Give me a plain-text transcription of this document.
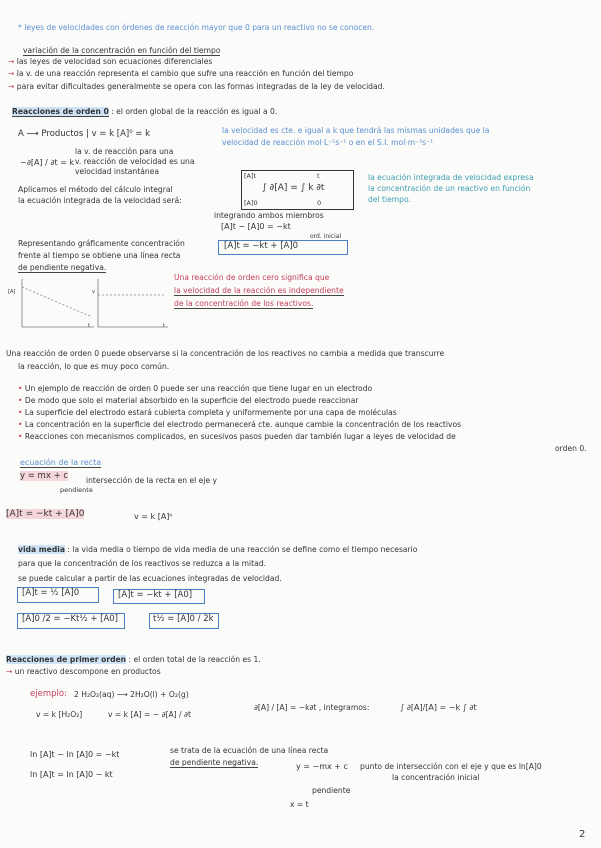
* leyes de velocidades con órdenes de reacción mayor que 0 para un reactivo no se conocen.
variación de la concentración en función del tiempo
→ las leyes de velocidad son ecuaciones diferenciales
→ la v. de una reacción representa el cambio que sufre una reacción en función del tiempo
→ para evitar dificultades generalmente se opera con las formas integradas de la ley de velocidad.
Reacciones de orden 0 : el orden global de la reacción es igual a 0.
A ⟶ Productos | v = k [A]⁰ = k	la velocidad es cte. e igual a k que tendrá las mismas unidades que la
velocidad de reacción mol·L⁻¹s⁻¹ o en el S.I. mol·m⁻³s⁻¹
−∂[A] / ∂t = k
la v. de reacción para una
v. reacción de velocidad es una
velocidad instantánea
Aplicamos el método del cálculo integral
la ecuación integrada de la velocidad será:
[A]t
∫ ∂[A] = ∫ k ∂t
[A]0
t
0
la ecuación integrada de velocidad expresa
la concentración de un reactivo en función
del tiempo.
integrando ambos miembros
[A]t − [A]0 = −kt
[A]t = −kt + [A]0
ord. inicial
Representando gráficamente concentración
frente al tiempo se obtiene una línea recta
de pendiente negativa.
[A]
t
v
t
Una reacción de orden cero significa que
la velocidad de la reacción es independiente
de la concentración de los reactivos.
Una reacción de orden 0 puede observarse si la concentración de los reactivos no cambia a medida que transcurre
la reacción, lo que es muy poco común.
• Un ejemplo de reacción de orden 0 puede ser una reacción que tiene lugar en un electrodo
• De modo que solo el material absorbido en la superficie del electrodo puede reaccionar
• La superficie del electrodo estará cubierta completa y uniformemente por una capa de moléculas
• La concentración en la superficie del electrodo permanecerá cte. aunque cambie la concentración de los reactivos
• Reacciones con mecanismos complicados, en sucesivos pasos pueden dar también lugar a leyes de velocidad de
orden 0.
ecuación de la recta
y = mx + c intersección de la recta en el eje y
pendiente
[A]t = −kt + [A]0	v = k [A]ⁿ
vida media : la vida media o tiempo de vida media de una reacción se define como el tiempo necesario
para que la concentración de los reactivos se reduzca a la mitad.
se puede calcular a partir de las ecuaciones integradas de velocidad.
[A]t = ½ [A]0	[A]t = −kt + [A0]
[A]0 /2 = −Kt½ + [A0]	t½ = [A]0 / 2k
Reacciones de primer orden : el orden total de la reacción es 1.
→ un reactivo descompone en productos
ejemplo: 2 H₂O₂(aq) ⟶ 2H₂O(l) + O₂(g)
v = k [H₂O₂]	v = k [A] = − ∂[A] / ∂t
∂[A] / [A] = −k∂t , integramos:	∫ ∂[A]/[A] = −k ∫ ∂t
ln [A]t − ln [A]0 = −kt
ln [A]t = ln [A]0 − kt
se trata de la ecuación de una línea recta
de pendiente negativa.	y = −mx + c punto de intersección con el eje y que es ln[A]0
la concentración inicial
pendiente
x = t
2
